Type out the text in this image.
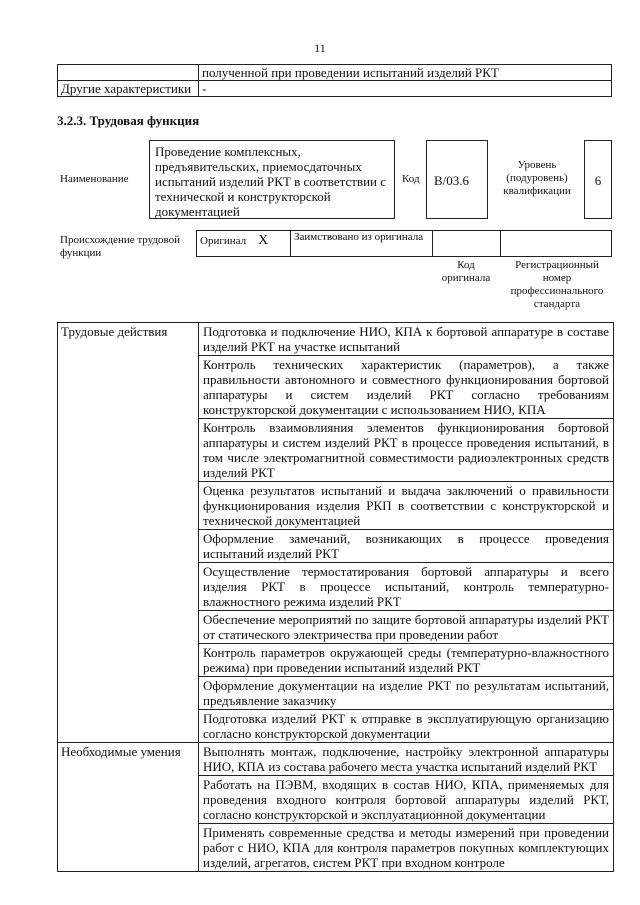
11
	полученной при проведении испытаний изделий РКТ
Другие характеристики	-
3.2.3. Трудовая функция
Наименование
Проведение комплексных, предъявительских, приемосдаточных испытаний изделий РКТ в соответствии с технической и конструкторской документацией
Код	B/03.6
Уровень (подуровень) квалификации
6
Происхождение трудовой функции
Оригинал X	Заимствовано из оригинала		
Код оригинала
Регистрационный номер профессионального стандарта
Трудовые действия	Подготовка и подключение НИО, КПА к бортовой аппаратуре в составе изделий РКТ на участке испытаний
	Контроль технических характеристик (параметров), а также правильности автономного и совместного функционирования бортовой аппаратуры и систем изделий РКТ согласно требованиям конструкторской документации с использованием НИО, КПА
	Контроль взаимовлияния элементов функционирования бортовой аппаратуры и систем изделий РКТ в процессе проведения испытаний, в том числе электромагнитной совместимости радиоэлектронных средств изделий РКТ
	Оценка результатов испытаний и выдача заключений о правильности функционирования изделия РКП в соответствии с конструкторской и технической документацией
	Оформление замечаний, возникающих в процессе проведения испытаний изделий РКТ
	Осуществление термостатирования бортовой аппаратуры и всего изделия РКТ в процессе испытаний, контроль температурно-влажностного режима изделий РКТ
	Обеспечение мероприятий по защите бортовой аппаратуры изделий РКТ от статического электричества при проведении работ
	Контроль параметров окружающей среды (температурно-влажностного режима) при проведении испытаний изделий РКТ
	Оформление документации на изделие РКТ по результатам испытаний, предъявление заказчику
	Подготовка изделий РКТ к отправке в эксплуатирующую организацию согласно конструкторской документации
Необходимые умения	Выполнять монтаж, подключение, настройку электронной аппаратуры НИО, КПА из состава рабочего места участка испытаний изделий РКТ
	Работать на ПЭВМ, входящих в состав НИО, КПА, применяемых для проведения входного контроля бортовой аппаратуры изделий РКТ, согласно конструкторской и эксплуатационной документации
	Применять современные средства и методы измерений при проведении работ с НИО, КПА для контроля параметров покупных комплектующих изделий, агрегатов, систем РКТ при входном контроле
